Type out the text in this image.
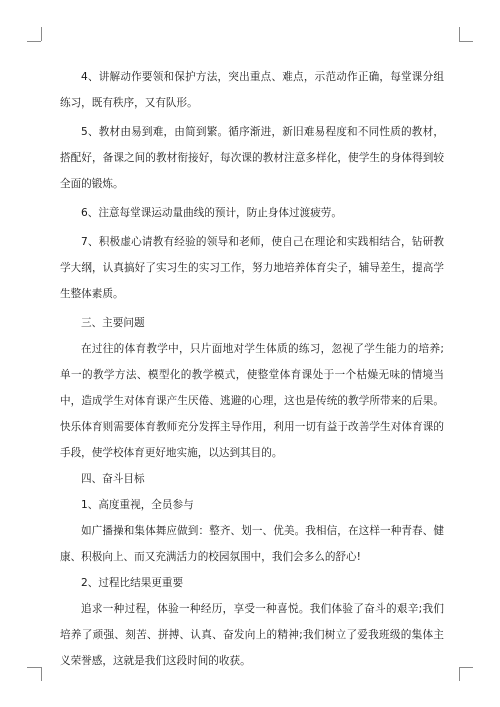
4、讲解动作要领和保护方法，突出重点、难点，示范动作正确，每堂课分组练习，既有秩序，又有队形。

5、教材由易到难，由简到繁。循序渐进，新旧难易程度和不同性质的教材，搭配好，备课之间的教材衔接好，每次课的教材注意多样化，使学生的身体得到较全面的锻炼。

6、注意每堂课运动量曲线的预计，防止身体过渡疲劳。

7、积极虚心请教有经验的领导和老师，使自己在理论和实践相结合，钻研教学大纲，认真搞好了实习生的实习工作，努力地培养体育尖子，辅导差生，提高学生整体素质。

三、主要问题

在过往的体育教学中，只片面地对学生体质的练习，忽视了学生能力的培养;单一的教学方法、模型化的教学模式，使整堂体育课处于一个枯燥无味的情境当中，造成学生对体育课产生厌倦、逃避的心理，这也是传统的教学所带来的后果。快乐体育则需要体育教师充分发挥主导作用，利用一切有益于改善学生对体育课的手段，使学校体育更好地实施，以达到其目的。

四、奋斗目标

1、高度重视，全员参与

如广播操和集体舞应做到：整齐、划一、优美。我相信，在这样一种青春、健康、积极向上、而又充满活力的校园氛围中，我们会多么的舒心!

2、过程比结果更重要

追求一种过程，体验一种经历，享受一种喜悦。我们体验了奋斗的艰辛;我们培养了顽强、刻苦、拼搏、认真、奋发向上的精神;我们树立了爱我班级的集体主义荣誉感，这就是我们这段时间的收获。
